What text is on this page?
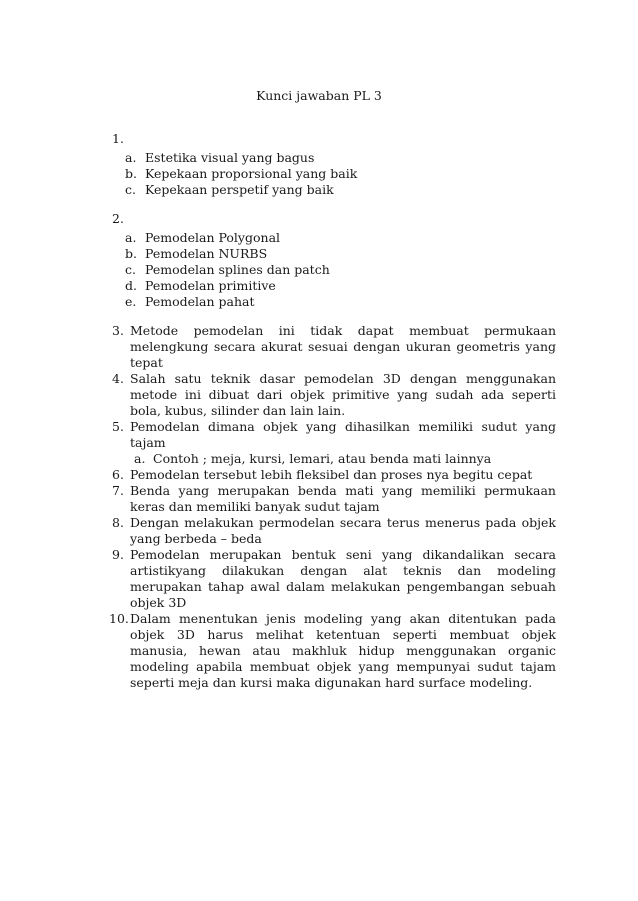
Kunci jawaban PL 3
1.
a. Estetika visual yang bagus
b. Kepekaan proporsional yang baik
c. Kepekaan perspetif yang baik
2.
a. Pemodelan Polygonal
b. Pemodelan NURBS
c. Pemodelan splines dan patch
d. Pemodelan primitive
e. Pemodelan pahat
3. Metode pemodelan ini tidak dapat membuat permukaan melengkung secara akurat sesuai dengan ukuran geometris yang tepat
4. Salah satu teknik dasar pemodelan 3D dengan menggunakan metode ini dibuat dari objek primitive yang sudah ada seperti bola, kubus, silinder dan lain lain.
5. Pemodelan dimana objek yang dihasilkan memiliki sudut yang tajam
a. Contoh ; meja, kursi, lemari, atau benda mati lainnya
6. Pemodelan tersebut lebih fleksibel dan proses nya begitu cepat
7. Benda yang merupakan benda mati yang memiliki permukaan keras dan memiliki banyak sudut tajam
8. Dengan melakukan permodelan secara terus menerus pada objek yang berbeda – beda
9. Pemodelan merupakan bentuk seni yang dikandalikan secara artistikyang dilakukan dengan alat teknis dan modeling merupakan tahap awal dalam melakukan pengembangan sebuah objek 3D
10. Dalam menentukan jenis modeling yang akan ditentukan pada objek 3D harus melihat ketentuan seperti membuat objek manusia, hewan atau makhluk hidup menggunakan organic modeling apabila membuat objek yang mempunyai sudut tajam seperti meja dan kursi maka digunakan hard surface modeling.
